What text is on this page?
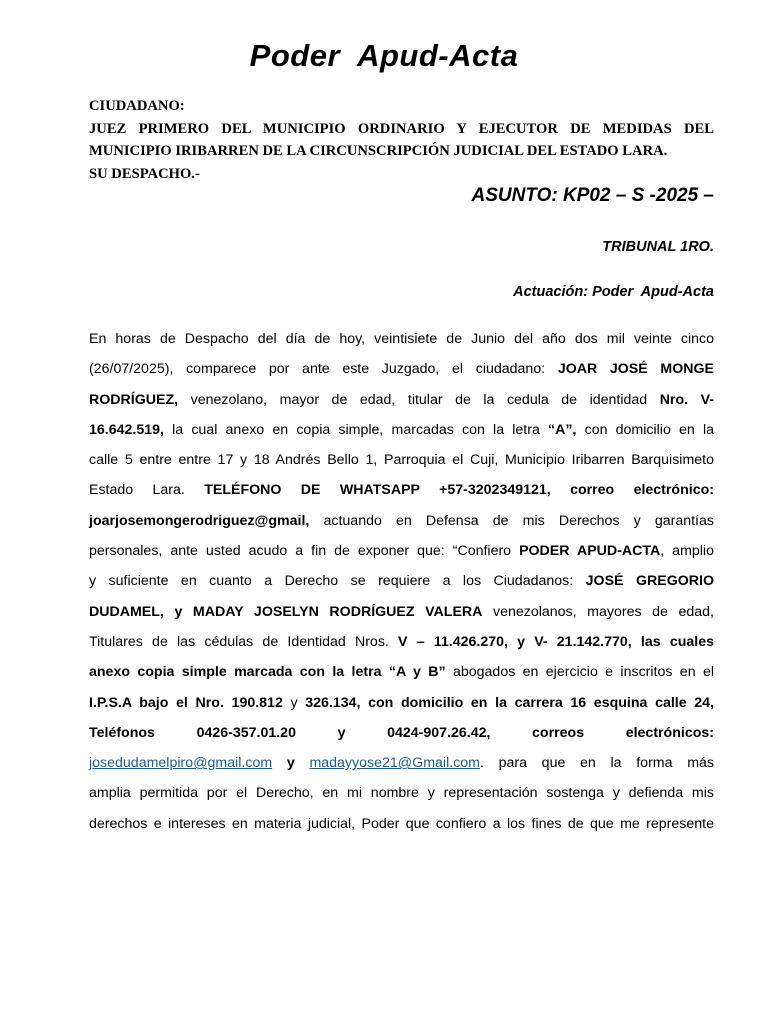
Poder  Apud-Acta
CIUDADANO:
JUEZ PRIMERO DEL MUNICIPIO ORDINARIO Y EJECUTOR DE MEDIDAS DEL
MUNICIPIO IRIBARREN DE LA CIRCUNSCRIPCIÓN JUDICIAL DEL ESTADO LARA.
SU DESPACHO.-
ASUNTO: KP02 – S -2025 –
TRIBUNAL 1RO.
Actuación: Poder  Apud-Acta
En horas de Despacho del día de hoy, veintisiete de Junio del año dos mil veinte cinco
(26/07/2025), comparece por ante este Juzgado, el ciudadano: JOAR JOSÉ MONGE
RODRÍGUEZ, venezolano, mayor de edad, titular de la cedula de identidad Nro. V-
16.642.519, la cual anexo en copia simple, marcadas con la letra “A”, con domicilio en la
calle 5 entre entre 17 y 18 Andrés Bello 1, Parroquia el Cuji, Municipio Iribarren Barquisimeto
Estado Lara. TELÉFONO DE WHATSAPP +57-3202349121, correo electrónico:
joarjosemongerodriguez@gmail, actuando en Defensa de mis Derechos y garantías
personales, ante usted acudo a fin de exponer que: “Confiero PODER APUD-ACTA, amplio
y suficiente en cuanto a Derecho se requiere a los Ciudadanos: JOSÉ GREGORIO
DUDAMEL, y MADAY JOSELYN RODRÍGUEZ VALERA venezolanos, mayores de edad,
Titulares de las cédulas de Identidad Nros. V – 11.426.270, y V- 21.142.770, las cuales
anexo copia simple marcada con la letra “A y B” abogados en ejercicio e inscritos en el
I.P.S.A bajo el Nro. 190.812 y 326.134, con domicilio en la carrera 16 esquina calle 24,
Teléfonos	0426-357.01.20	y	0424-907.26.42,	correos	electrónicos:
josedudamelpiro@gmail.com y madayyose21@Gmail.com. para que en la forma más
amplia permitida por el Derecho, en mi nombre y representación sostenga y defienda mis
derechos e intereses en materia judicial, Poder que confiero a los fines de que me represente
